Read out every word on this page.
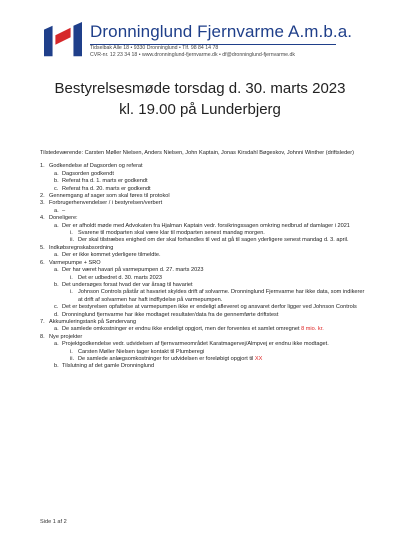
Dronninglund Fjernvarme A.m.b.a.
Tidselbak Alle 18 • 9330 Dronninglund • Tlf. 98 84 14 78
CVR-nr. 12 23 34 18 • www.dronninglund-fjernvarme.dk • df@dronninglund-fjernvarme.dk
Bestyrelsesmøde torsdag d. 30. marts 2023
kl. 19.00 på Lunderbjerg
Tilstedeværende: Carsten Møller Nielsen, Anders Nielsen, John Kaptain, Jonas Kirsdahl Bøgeskov, Johnni Winther (driftsleder)
1. Godkendelse af Dagsorden og referat
a. Dagsorden godkendt
b. Referat fra d. 1. marts er godkendt
c. Referat fra d. 20. marts er godkendt
2. Gennemgang af sager som skal føres til protokol
3. Forbrugerhenvendelser / i bestyrelsen/verbert
a. –
4. Doneligere:
a. Der er afholdt møde med Advokaten fra Hjalman Kaptain vedr. forsikringssagen omkring nedbrud af damlager i 2021
i. Svarene til modparten skal være klar til modparten senest mandag morgen.
ii. Der skal tilstræbes enighed om der skal forhandles til ved at gå til sagen yderligere senest mandag d. 3. april.
5. Indkøbsregnskabsordning
a. Der er ikke kommet yderligere tilmeldte.
6. Varmepumpe + SRO
a. Der har været havari på varmepumpen d. 27. marts 2023
i. Det er udbedret d. 30. marts 2023
b. Det undersøges forsat hvad der var årsag til havariet
i. Johnson Controls påstår at havariet skyldes drift af solvarme. Dronninglund Fjernvarme har ikke data, som indikerer at drift af solvarmen har haft indflydelse på varmepumpen.
c. Det er bestyrelsen opfattelse at varmepumpen ikke er endeligt afleveret og ansvaret derfor ligger ved Johnson Controls
d. Dronninglund fjernvarme har ikke modtaget resultater/data fra de gennemførte driftstest
7. Akkumuleringstank på Søndervang
a. De samlede omkostninger er endnu ikke endeligt opgjort, men der forventes et samlet omregnet 8 mio. kr.
8. Nye projekter
a. Projektgodkendelse vedr. udvidelsen af fjernvarmeområdet Karatmagervej/Almpvej er endnu ikke modtaget.
i. Carsten Møller Nielsen tager kontakt til Plumberegi
ii. De samlede anlægsomkostninger for udvidelsen er foreløbigt opgjort til XX
b. Tilslutning af det gamle Dronninglund
Side 1 af 2
